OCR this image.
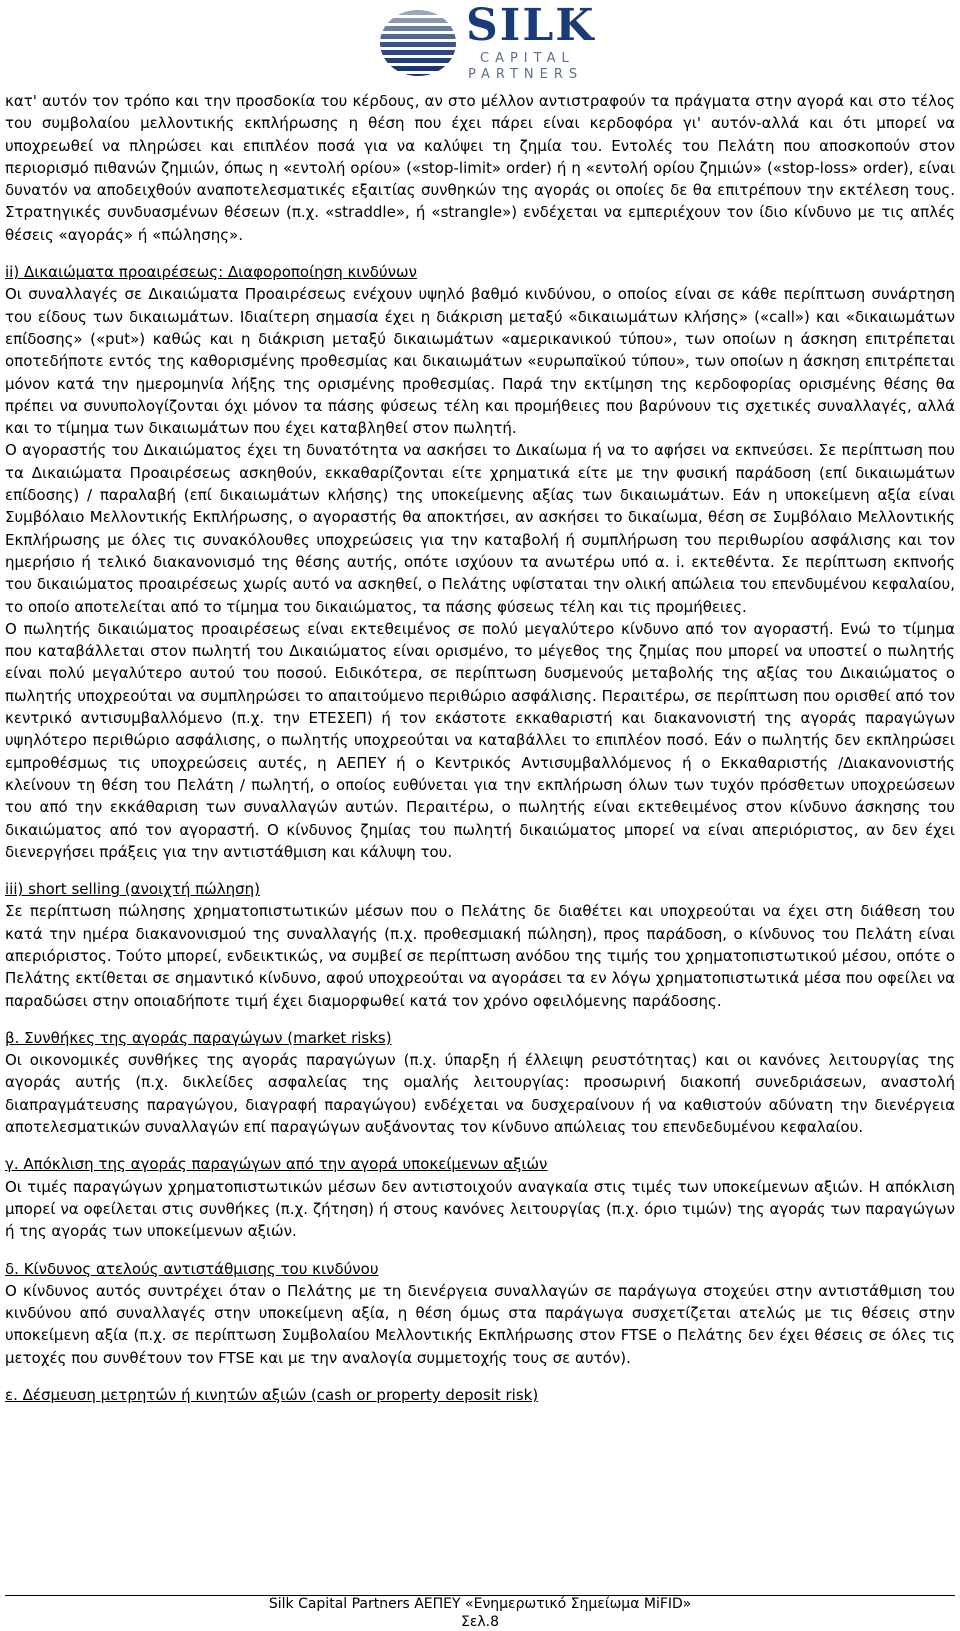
SILK
CAPITAL
PARTNERS

κατ' αυτόν τον τρόπο και την προσδοκία του κέρδους, αν στο μέλλον αντιστραφούν τα πράγματα στην αγορά και στο τέλος του συμβολαίου μελλοντικής εκπλήρωσης η θέση που έχει πάρει είναι κερδοφόρα γι' αυτόν-αλλά και ότι μπορεί να υποχρεωθεί να πληρώσει και επιπλέον ποσά για να καλύψει τη ζημία του. Εντολές του Πελάτη που αποσκοπούν στον περιορισμό πιθανών ζημιών, όπως η «εντολή ορίου» («stop-limit» order) ή η «εντολή ορίου ζημιών» («stop-loss» order), είναι δυνατόν να αποδειχθούν αναποτελεσματικές εξαιτίας συνθηκών της αγοράς οι οποίες δε θα επιτρέπουν την εκτέλεση τους. Στρατηγικές συνδυασμένων θέσεων (π.χ. «straddle», ή «strangle») ενδέχεται να εμπεριέχουν τον ίδιο κίνδυνο με τις απλές θέσεις «αγοράς» ή «πώλησης».

ii) Δικαιώματα προαιρέσεως: Διαφοροποίηση κινδύνων

Οι συναλλαγές σε Δικαιώματα Προαιρέσεως ενέχουν υψηλό βαθμό κινδύνου, ο οποίος είναι σε κάθε περίπτωση συνάρτηση του είδους των δικαιωμάτων. Ιδιαίτερη σημασία έχει η διάκριση μεταξύ «δικαιωμάτων κλήσης» («call») και «δικαιωμάτων επίδοσης» («put») καθώς και η διάκριση μεταξύ δικαιωμάτων «αμερικανικού τύπου», των οποίων η άσκηση επιτρέπεται οποτεδήποτε εντός της καθορισμένης προθεσμίας και δικαιωμάτων «ευρωπαϊκού τύπου», των οποίων η άσκηση επιτρέπεται μόνον κατά την ημερομηνία λήξης της ορισμένης προθεσμίας. Παρά την εκτίμηση της κερδοφορίας ορισμένης θέσης θα πρέπει να συνυπολογίζονται όχι μόνον τα πάσης φύσεως τέλη και προμήθειες που βαρύνουν τις σχετικές συναλλαγές, αλλά και το τίμημα των δικαιωμάτων που έχει καταβληθεί στον πωλητή.

Ο αγοραστής του Δικαιώματος έχει τη δυνατότητα να ασκήσει το Δικαίωμα ή να το αφήσει να εκπνεύσει. Σε περίπτωση που τα Δικαιώματα Προαιρέσεως ασκηθούν, εκκαθαρίζονται είτε χρηματικά είτε με την φυσική παράδοση (επί δικαιωμάτων επίδοσης) / παραλαβή (επί δικαιωμάτων κλήσης) της υποκείμενης αξίας των δικαιωμάτων. Εάν η υποκείμενη αξία είναι Συμβόλαιο Μελλοντικής Εκπλήρωσης, ο αγοραστής θα αποκτήσει, αν ασκήσει το δικαίωμα, θέση σε Συμβόλαιο Μελλοντικής Εκπλήρωσης με όλες τις συνακόλουθες υποχρεώσεις για την καταβολή ή συμπλήρωση του περιθωρίου ασφάλισης και τον ημερήσιο ή τελικό διακανονισμό της θέσης αυτής, οπότε ισχύουν τα ανωτέρω υπό α. i. εκτεθέντα. Σε περίπτωση εκπνοής του δικαιώματος προαιρέσεως χωρίς αυτό να ασκηθεί, ο Πελάτης υφίσταται την ολική απώλεια του επενδυμένου κεφαλαίου, το οποίο αποτελείται από το τίμημα του δικαιώματος, τα πάσης φύσεως τέλη και τις προμήθειες.

Ο πωλητής δικαιώματος προαιρέσεως είναι εκτεθειμένος σε πολύ μεγαλύτερο κίνδυνο από τον αγοραστή. Ενώ το τίμημα που καταβάλλεται στον πωλητή του Δικαιώματος είναι ορισμένο, το μέγεθος της ζημίας που μπορεί να υποστεί ο πωλητής είναι πολύ μεγαλύτερο αυτού του ποσού. Ειδικότερα, σε περίπτωση δυσμενούς μεταβολής της αξίας του Δικαιώματος ο πωλητής υποχρεούται να συμπληρώσει το απαιτούμενο περιθώριο ασφάλισης. Περαιτέρω, σε περίπτωση που ορισθεί από τον κεντρικό αντισυμβαλλόμενο (π.χ. την ΕΤΕΣΕΠ) ή τον εκάστοτε εκκαθαριστή και διακανονιστή της αγοράς παραγώγων υψηλότερο περιθώριο ασφάλισης, ο πωλητής υποχρεούται να καταβάλλει το επιπλέον ποσό. Εάν ο πωλητής δεν εκπληρώσει εμπροθέσμως τις υποχρεώσεις αυτές, η ΑΕΠΕΥ ή ο Κεντρικός Αντισυμβαλλόμενος ή ο Εκκαθαριστής /Διακανονιστής κλείνουν τη θέση του Πελάτη / πωλητή, ο οποίος ευθύνεται για την εκπλήρωση όλων των τυχόν πρόσθετων υποχρεώσεων του από την εκκάθαριση των συναλλαγών αυτών. Περαιτέρω, ο πωλητής είναι εκτεθειμένος στον κίνδυνο άσκησης του δικαιώματος από τον αγοραστή. Ο κίνδυνος ζημίας του πωλητή δικαιώματος μπορεί να είναι απεριόριστος, αν δεν έχει διενεργήσει πράξεις για την αντιστάθμιση και κάλυψη του.

iii) short selling (ανοιχτή πώληση)

Σε περίπτωση πώλησης χρηματοπιστωτικών μέσων που ο Πελάτης δε διαθέτει και υποχρεούται να έχει στη διάθεση του κατά την ημέρα διακανονισμού της συναλλαγής (π.χ. προθεσμιακή πώληση), προς παράδοση, ο κίνδυνος του Πελάτη είναι απεριόριστος. Τούτο μπορεί, ενδεικτικώς, να συμβεί σε περίπτωση ανόδου της τιμής του χρηματοπιστωτικού μέσου, οπότε ο Πελάτης εκτίθεται σε σημαντικό κίνδυνο, αφού υποχρεούται να αγοράσει τα εν λόγω χρηματοπιστωτικά μέσα που οφείλει να παραδώσει στην οποιαδήποτε τιμή έχει διαμορφωθεί κατά τον χρόνο οφειλόμενης παράδοσης.

β. Συνθήκες της αγοράς παραγώγων (market risks)

Οι οικονομικές συνθήκες της αγοράς παραγώγων (π.χ. ύπαρξη ή έλλειψη ρευστότητας) και οι κανόνες λειτουργίας της αγοράς αυτής (π.χ. δικλείδες ασφαλείας της ομαλής λειτουργίας: προσωρινή διακοπή συνεδριάσεων, αναστολή διαπραγμάτευσης παραγώγου, διαγραφή παραγώγου) ενδέχεται να δυσχεραίνουν ή να καθιστούν αδύνατη την διενέργεια αποτελεσματικών συναλλαγών επί παραγώγων αυξάνοντας τον κίνδυνο απώλειας του επενδεδυμένου κεφαλαίου.

γ. Απόκλιση της αγοράς παραγώγων από την αγορά υποκείμενων αξιών

Οι τιμές παραγώγων χρηματοπιστωτικών μέσων δεν αντιστοιχούν αναγκαία στις τιμές των υποκείμενων αξιών. Η απόκλιση μπορεί να οφείλεται στις συνθήκες (π.χ. ζήτηση) ή στους κανόνες λειτουργίας (π.χ. όριο τιμών) της αγοράς των παραγώγων ή της αγοράς των υποκείμενων αξιών.

δ. Κίνδυνος ατελούς αντιστάθμισης του κινδύνου

Ο κίνδυνος αυτός συντρέχει όταν ο Πελάτης με τη διενέργεια συναλλαγών σε παράγωγα στοχεύει στην αντιστάθμιση του κινδύνου από συναλλαγές στην υποκείμενη αξία, η θέση όμως στα παράγωγα συσχετίζεται ατελώς με τις θέσεις στην υποκείμενη αξία (π.χ. σε περίπτωση Συμβολαίου Μελλοντικής Εκπλήρωσης στον FTSE ο Πελάτης δεν έχει θέσεις σε όλες τις μετοχές που συνθέτουν τον FTSE και με την αναλογία συμμετοχής τους σε αυτόν).

ε. Δέσμευση μετρητών ή κινητών αξιών (cash or property deposit risk)

Silk Capital Partners ΑΕΠΕΥ «Ενημερωτικό Σημείωμα MiFID»
Σελ.8
